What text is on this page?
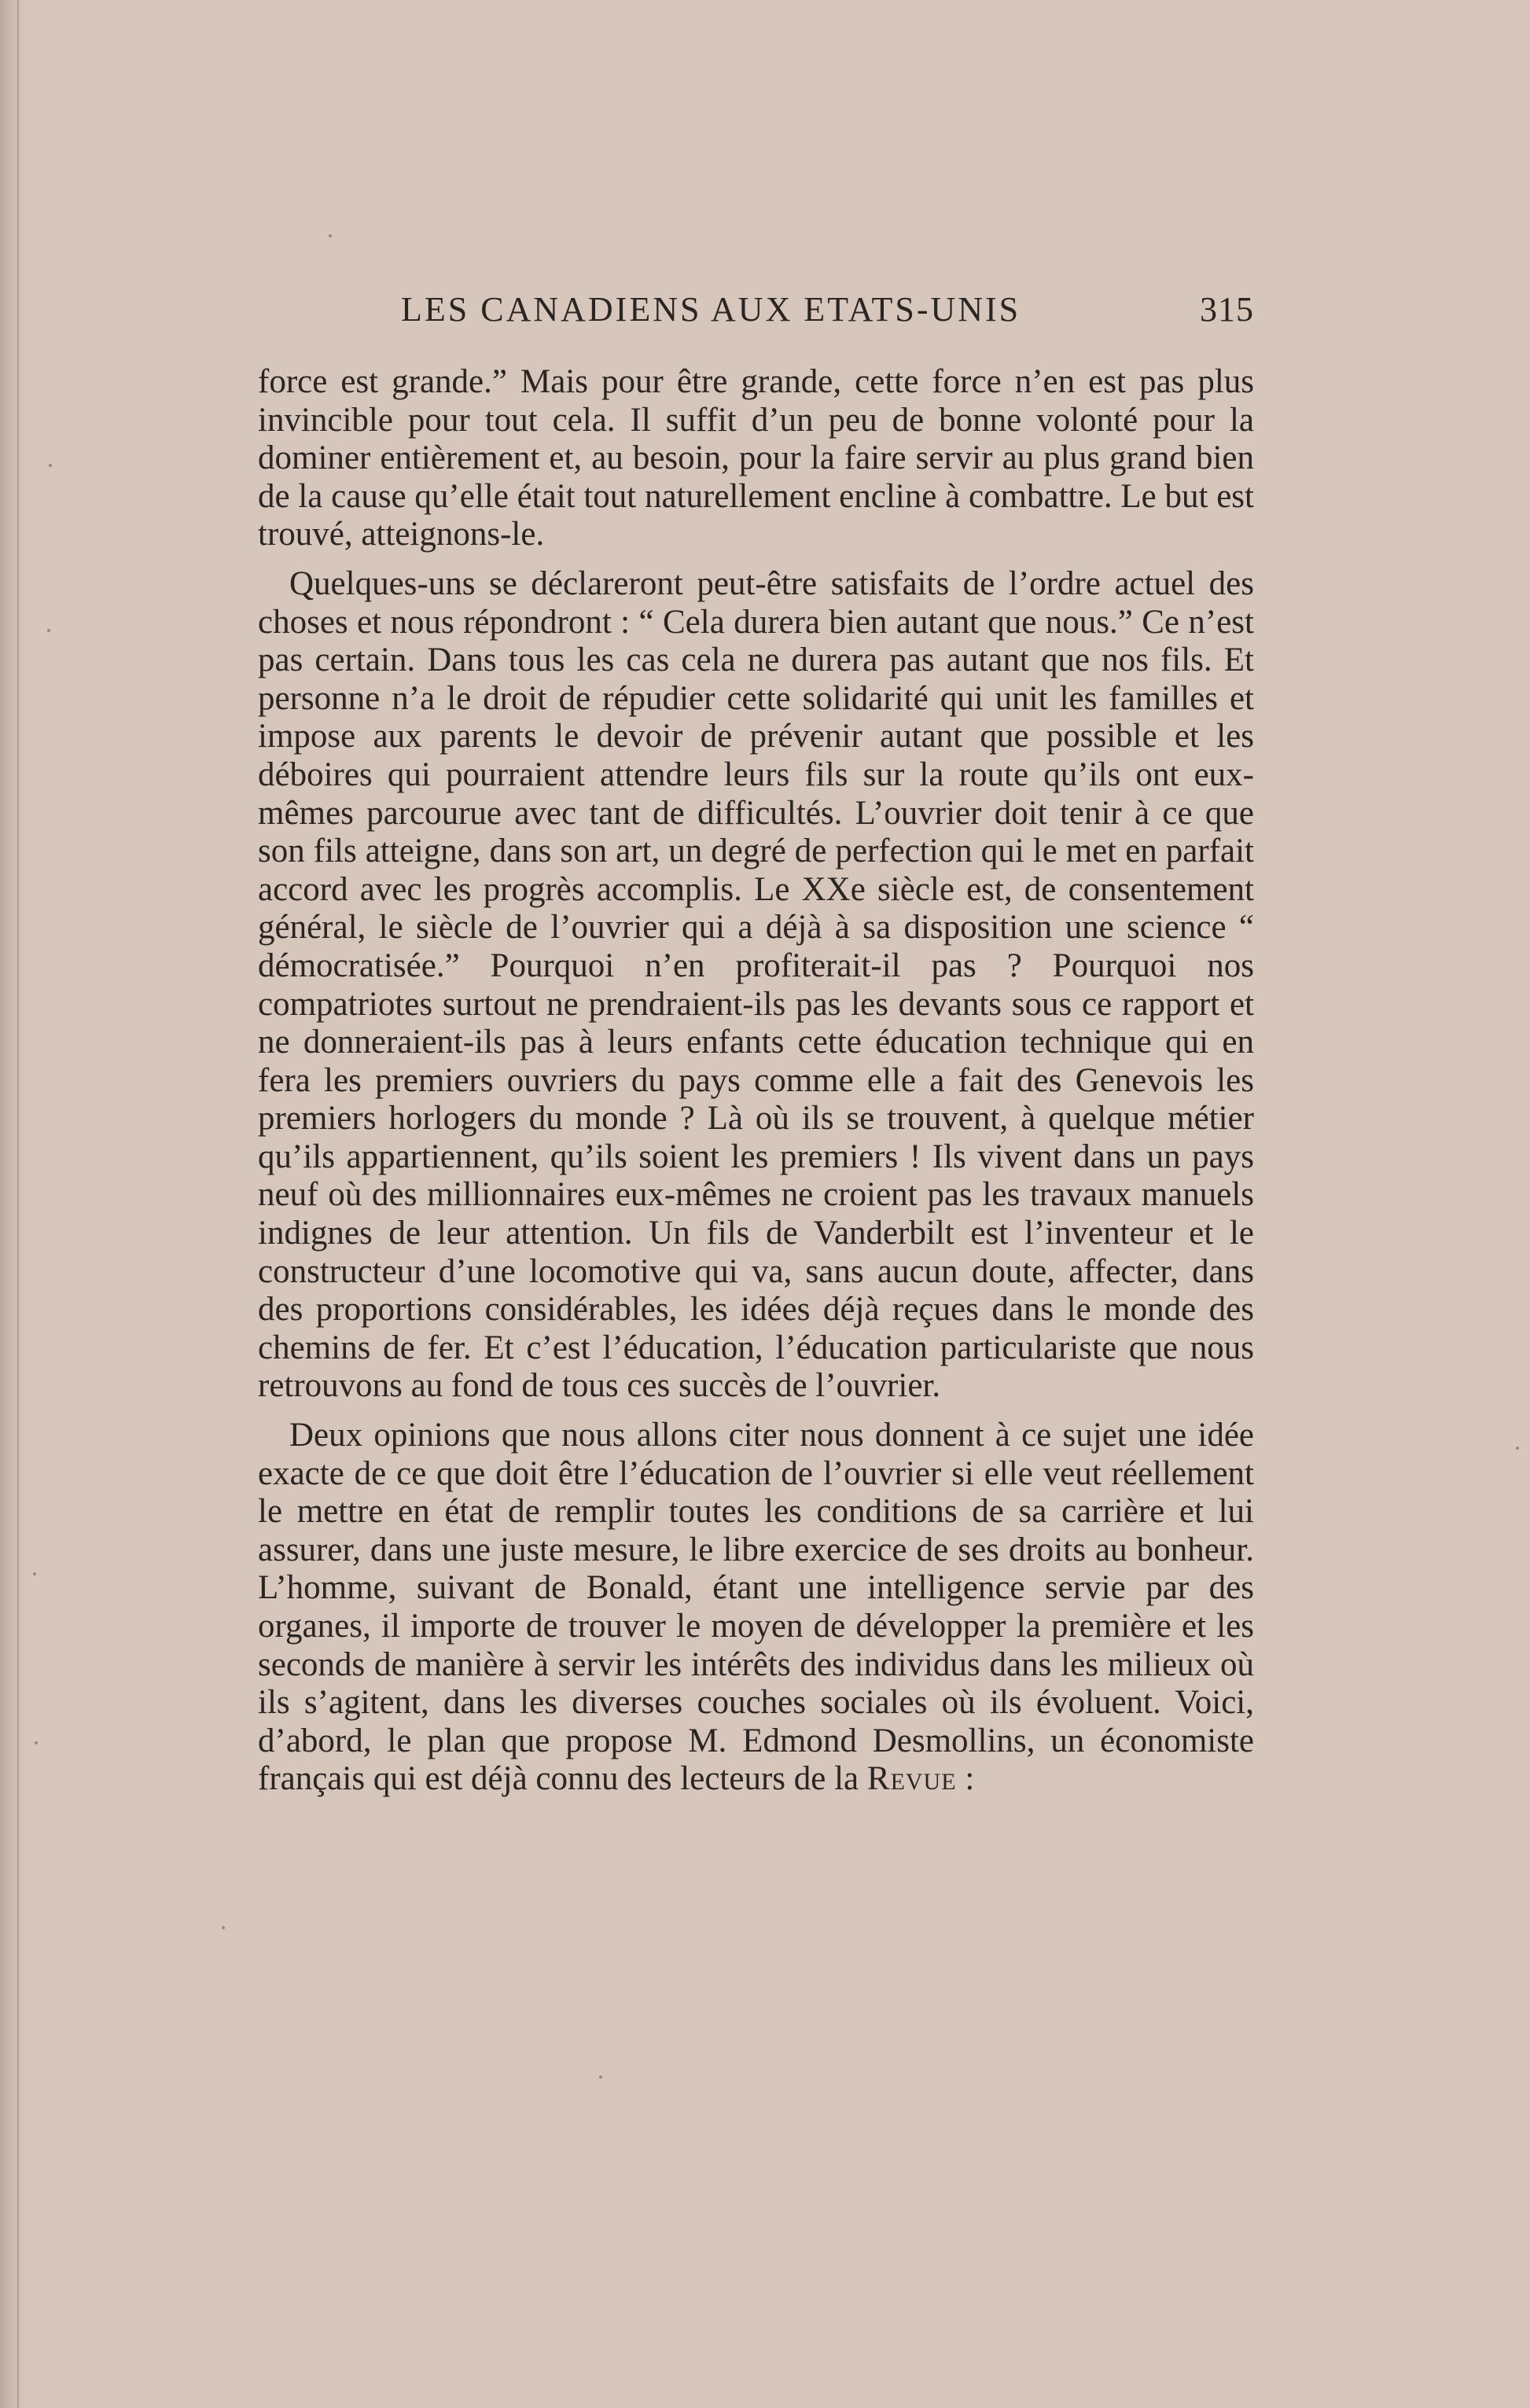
LES CANADIENS AUX ETATS-UNIS	315

force est grande.” Mais pour être grande, cette force n’en est pas plus invincible pour tout cela. Il suffit d’un peu de bonne volonté pour la dominer entièrement et, au besoin, pour la faire servir au plus grand bien de la cause qu’elle était tout naturellement encline à combattre. Le but est trouvé, atteignons-le.

Quelques-uns se déclareront peut-être satisfaits de l’ordre actuel des choses et nous répondront : “ Cela durera bien autant que nous.” Ce n’est pas certain. Dans tous les cas cela ne durera pas autant que nos fils. Et personne n’a le droit de répudier cette solidarité qui unit les familles et impose aux parents le devoir de prévenir autant que possible et les déboires qui pourraient attendre leurs fils sur la route qu’ils ont eux-mêmes parcourue avec tant de difficultés. L’ouvrier doit tenir à ce que son fils atteigne, dans son art, un degré de perfection qui le met en parfait accord avec les progrès accomplis. Le XXe siècle est, de consentement général, le siècle de l’ouvrier qui a déjà à sa disposition une science “ démocratisée.” Pourquoi n’en profiterait-il pas ? Pourquoi nos compatriotes surtout ne prendraient-ils pas les devants sous ce rapport et ne donneraient-ils pas à leurs enfants cette éducation technique qui en fera les premiers ouvriers du pays comme elle a fait des Genevois les premiers horlogers du monde ? Là où ils se trouvent, à quelque métier qu’ils appartiennent, qu’ils soient les premiers ! Ils vivent dans un pays neuf où des millionnaires eux-mêmes ne croient pas les travaux manuels indignes de leur attention. Un fils de Vanderbilt est l’inventeur et le constructeur d’une locomotive qui va, sans aucun doute, affecter, dans des proportions considérables, les idées déjà reçues dans le monde des chemins de fer. Et c’est l’éducation, l’éducation particulariste que nous retrouvons au fond de tous ces succès de l’ouvrier.

Deux opinions que nous allons citer nous donnent à ce sujet une idée exacte de ce que doit être l’éducation de l’ouvrier si elle veut réellement le mettre en état de remplir toutes les conditions de sa carrière et lui assurer, dans une juste mesure, le libre exercice de ses droits au bonheur. L’homme, suivant de Bonald, étant une intelligence servie par des organes, il importe de trouver le moyen de développer la première et les seconds de manière à servir les intérêts des individus dans les milieux où ils s’agitent, dans les diverses couches sociales où ils évoluent. Voici, d’abord, le plan que propose M. Edmond Desmollins, un économiste français qui est déjà connu des lecteurs de la Revue :
